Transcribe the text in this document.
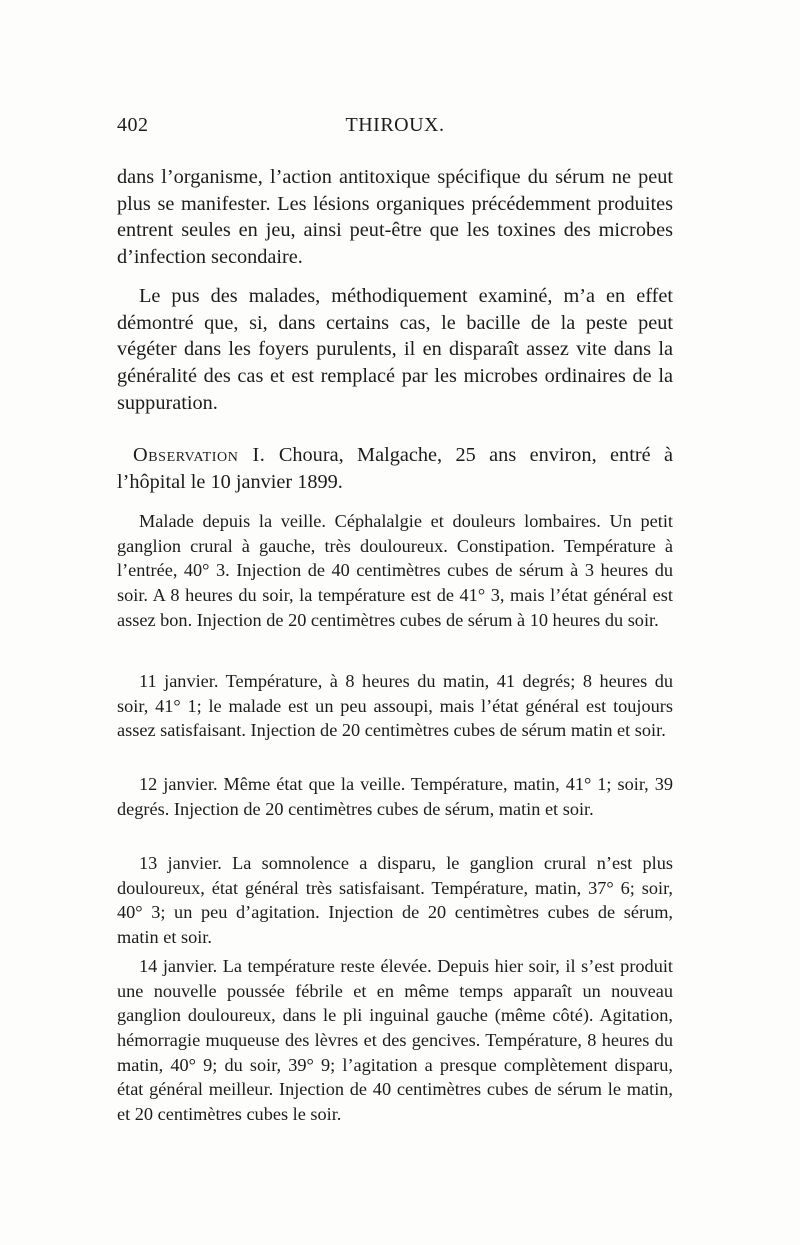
402	THIROUX.

dans l’organisme, l’action antitoxique spécifique du sérum ne peut plus se manifester. Les lésions organiques précédemment produites entrent seules en jeu, ainsi peut-être que les toxines des microbes d’infection secondaire.

Le pus des malades, méthodiquement examiné, m’a en effet démontré que, si, dans certains cas, le bacille de la peste peut végéter dans les foyers purulents, il en disparaît assez vite dans la généralité des cas et est remplacé par les microbes ordinaires de la suppuration.

Observation I. Choura, Malgache, 25 ans environ, entré à l’hôpital le 10 janvier 1899.

Malade depuis la veille. Céphalalgie et douleurs lombaires. Un petit ganglion crural à gauche, très douloureux. Constipation. Température à l’entrée, 40° 3. Injection de 40 centimètres cubes de sérum à 3 heures du soir. A 8 heures du soir, la température est de 41° 3, mais l’état général est assez bon. Injection de 20 centimètres cubes de sérum à 10 heures du soir.

11 janvier. Température, à 8 heures du matin, 41 degrés; 8 heures du soir, 41° 1; le malade est un peu assoupi, mais l’état général est toujours assez satisfaisant. Injection de 20 centimètres cubes de sérum matin et soir.

12 janvier. Même état que la veille. Température, matin, 41° 1; soir, 39 degrés. Injection de 20 centimètres cubes de sérum, matin et soir.

13 janvier. La somnolence a disparu, le ganglion crural n’est plus douloureux, état général très satisfaisant. Température, matin, 37° 6; soir, 40° 3; un peu d’agitation. Injection de 20 centimètres cubes de sérum, matin et soir.

14 janvier. La température reste élevée. Depuis hier soir, il s’est produit une nouvelle poussée fébrile et en même temps apparaît un nouveau ganglion douloureux, dans le pli inguinal gauche (même côté). Agitation, hémorragie muqueuse des lèvres et des gencives. Température, 8 heures du matin, 40° 9; du soir, 39° 9; l’agitation a presque complètement disparu, état général meilleur. Injection de 40 centimètres cubes de sérum le matin, et 20 centimètres cubes le soir.
